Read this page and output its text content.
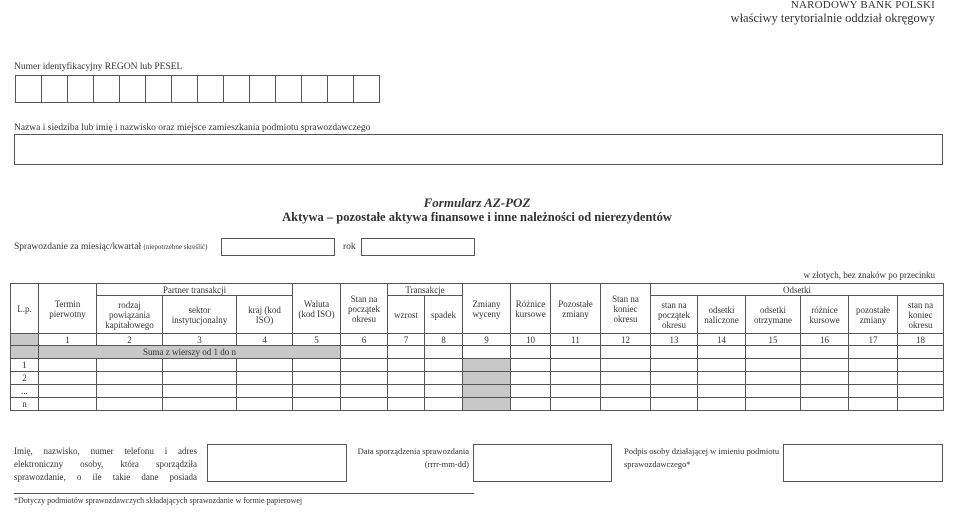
NARODOWY BANK POLSKI
właściwy terytorialnie oddział okręgowy
Numer identyfikacyjny REGON lub PESEL
Nazwa i siedziba lub imię i nazwisko oraz miejsce zamieszkania podmiotu sprawozdawczego
Formularz AZ-POZ
Aktywa – pozostałe aktywa finansowe i inne należności od nierezydentów
Sprawozdanie za miesiąc/kwartał (niepotrzebne skreślić)	rok
w złotych, bez znaków po przecinku
L.p.	Termin pierwotny	Partner transakcji			Waluta (kod ISO)	Stan na początek okresu	Transakcje		Zmiany wyceny	Różnice kursowe	Pozostałe zmiany	Stan na koniec okresu	Odsetki					
		rodzaj powiązania kapitałowego	sektor instytucjonalny	kraj (kod ISO)			wzrost	spadek					stan na początek okresu	odsetki naliczone	odsetki otrzymane	różnice kursowe	pozostałe zmiany	stan na koniec okresu
	1	2	3	4	5	6	7	8	9	10	11	12	13	14	15	16	17	18
	Suma z wierszy od 1 do n																	
1																		
2																		
...																		
n																		
Imię, nazwisko, numer telefonu i adres elektroniczny osoby, która sporządziła sprawozdanie, o ile takie dane posiada
Data sporządzenia sprawozdania
(rrrr-mm-dd)
Podpis osoby działającej w imieniu podmiotu sprawozdawczego*
*Dotyczy podmiotów sprawozdawczych składających sprawozdanie w formie papierowej
